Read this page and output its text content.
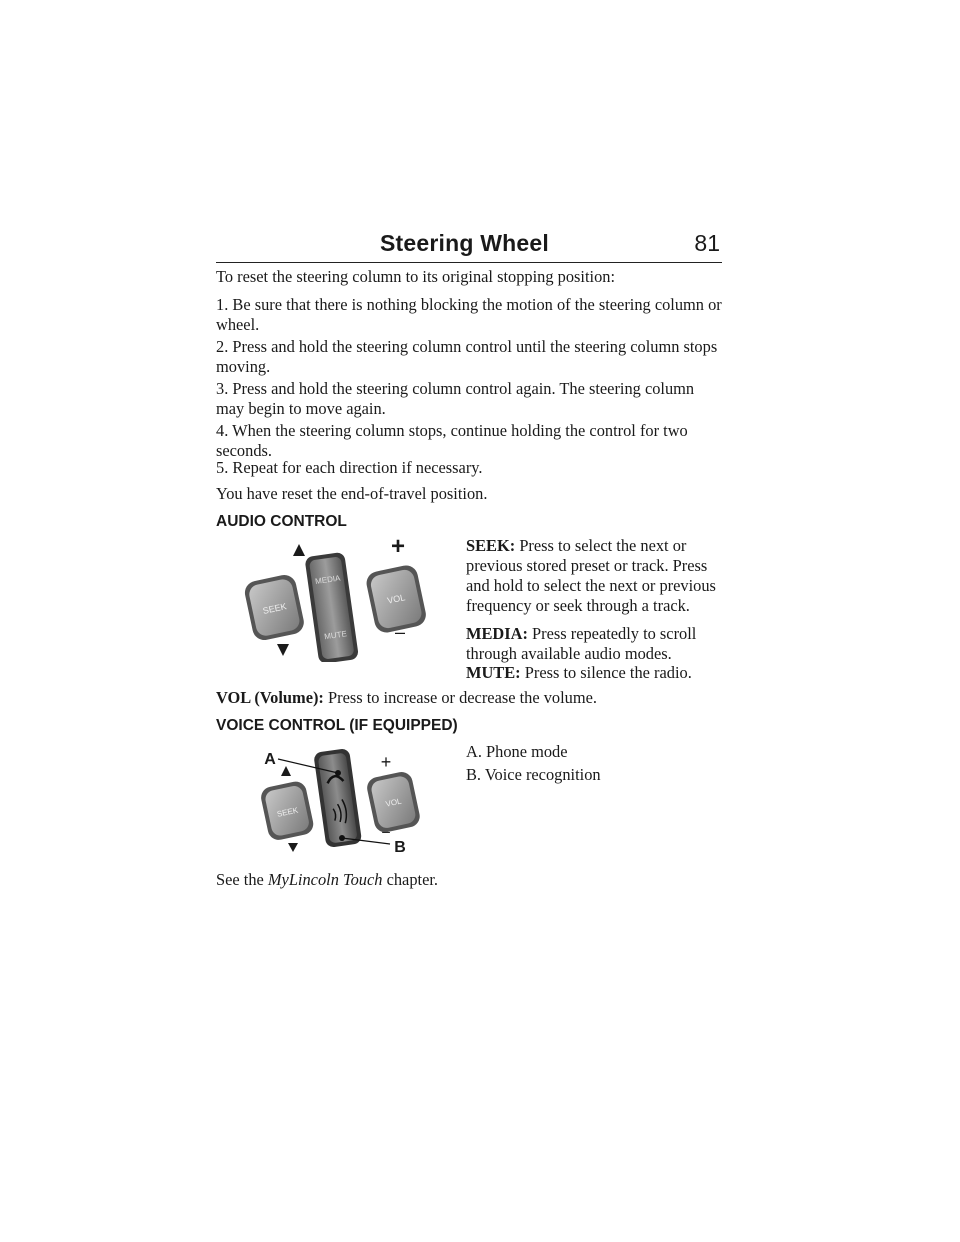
Steering Wheel	81
To reset the steering column to its original stopping position:
1. Be sure that there is nothing blocking the motion of the steering column or wheel.
2. Press and hold the steering column control until the steering column stops moving.
3. Press and hold the steering column control again. The steering column may begin to move again.
4. When the steering column stops, continue holding the control for two seconds.
5. Repeat for each direction if necessary.
You have reset the end-of-travel position.
AUDIO CONTROL
SEEK
MEDIA
MUTE
VOL
+
–
SEEK: Press to select the next or previous stored preset or track. Press and hold to select the next or previous frequency or seek through a track.
MEDIA: Press repeatedly to scroll through available audio modes.
MUTE: Press to silence the radio.
VOL (Volume): Press to increase or decrease the volume.
VOICE CONTROL (IF EQUIPPED)
A
SEEK
VOL
+
–
B
A. Phone mode
B. Voice recognition
See the MyLincoln Touch chapter.
